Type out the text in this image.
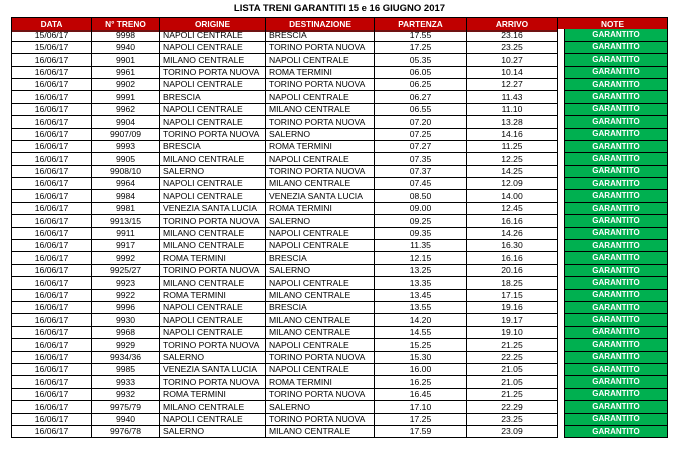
LISTA TRENI GARANTITI 15 e 16 GIUGNO 2017
DATA	N° TRENO	ORIGINE	DESTINAZIONE	PARTENZA	ARRIVO	NOTE
15/06/17	9998	NAPOLI CENTRALE	BRESCIA	17.55	23.16	GARANTITO
15/06/17	9940	NAPOLI CENTRALE	TORINO PORTA NUOVA	17.25	23.25	GARANTITO
16/06/17	9901	MILANO CENTRALE	NAPOLI CENTRALE	05.35	10.27	GARANTITO
16/06/17	9961	TORINO PORTA NUOVA	ROMA TERMINI	06.05	10.14	GARANTITO
16/06/17	9902	NAPOLI CENTRALE	TORINO PORTA NUOVA	06.25	12.27	GARANTITO
16/06/17	9991	BRESCIA	NAPOLI CENTRALE	06.27	11.43	GARANTITO
16/06/17	9962	NAPOLI CENTRALE	MILANO CENTRALE	06.55	11.10	GARANTITO
16/06/17	9904	NAPOLI CENTRALE	TORINO PORTA NUOVA	07.20	13.28	GARANTITO
16/06/17	9907/09	TORINO PORTA NUOVA	SALERNO	07.25	14.16	GARANTITO
16/06/17	9993	BRESCIA	ROMA TERMINI	07.27	11.25	GARANTITO
16/06/17	9905	MILANO CENTRALE	NAPOLI CENTRALE	07.35	12.25	GARANTITO
16/06/17	9908/10	SALERNO	TORINO PORTA NUOVA	07.37	14.25	GARANTITO
16/06/17	9964	NAPOLI CENTRALE	MILANO CENTRALE	07.45	12.09	GARANTITO
16/06/17	9984	NAPOLI CENTRALE	VENEZIA SANTA LUCIA	08.50	14.00	GARANTITO
16/06/17	9981	VENEZIA SANTA LUCIA	ROMA TERMINI	09.00	12.45	GARANTITO
16/06/17	9913/15	TORINO PORTA NUOVA	SALERNO	09.25	16.16	GARANTITO
16/06/17	9911	MILANO CENTRALE	NAPOLI CENTRALE	09.35	14.26	GARANTITO
16/06/17	9917	MILANO CENTRALE	NAPOLI CENTRALE	11.35	16.30	GARANTITO
16/06/17	9992	ROMA TERMINI	BRESCIA	12.15	16.16	GARANTITO
16/06/17	9925/27	TORINO PORTA NUOVA	SALERNO	13.25	20.16	GARANTITO
16/06/17	9923	MILANO CENTRALE	NAPOLI CENTRALE	13.35	18.25	GARANTITO
16/06/17	9922	ROMA TERMINI	MILANO CENTRALE	13.45	17.15	GARANTITO
16/06/17	9996	NAPOLI CENTRALE	BRESCIA	13.55	19.16	GARANTITO
16/06/17	9930	NAPOLI CENTRALE	MILANO CENTRALE	14.20	19.17	GARANTITO
16/06/17	9968	NAPOLI CENTRALE	MILANO CENTRALE	14.55	19.10	GARANTITO
16/06/17	9929	TORINO PORTA NUOVA	NAPOLI CENTRALE	15.25	21.25	GARANTITO
16/06/17	9934/36	SALERNO	TORINO PORTA NUOVA	15.30	22.25	GARANTITO
16/06/17	9985	VENEZIA SANTA LUCIA	NAPOLI CENTRALE	16.00	21.05	GARANTITO
16/06/17	9933	TORINO PORTA NUOVA	ROMA TERMINI	16.25	21.05	GARANTITO
16/06/17	9932	ROMA TERMINI	TORINO PORTA NUOVA	16.45	21.25	GARANTITO
16/06/17	9975/79	MILANO CENTRALE	SALERNO	17.10	22.29	GARANTITO
16/06/17	9940	NAPOLI CENTRALE	TORINO PORTA NUOVA	17.25	23.25	GARANTITO
16/06/17	9976/78	SALERNO	MILANO CENTRALE	17.59	23.09	GARANTITO
